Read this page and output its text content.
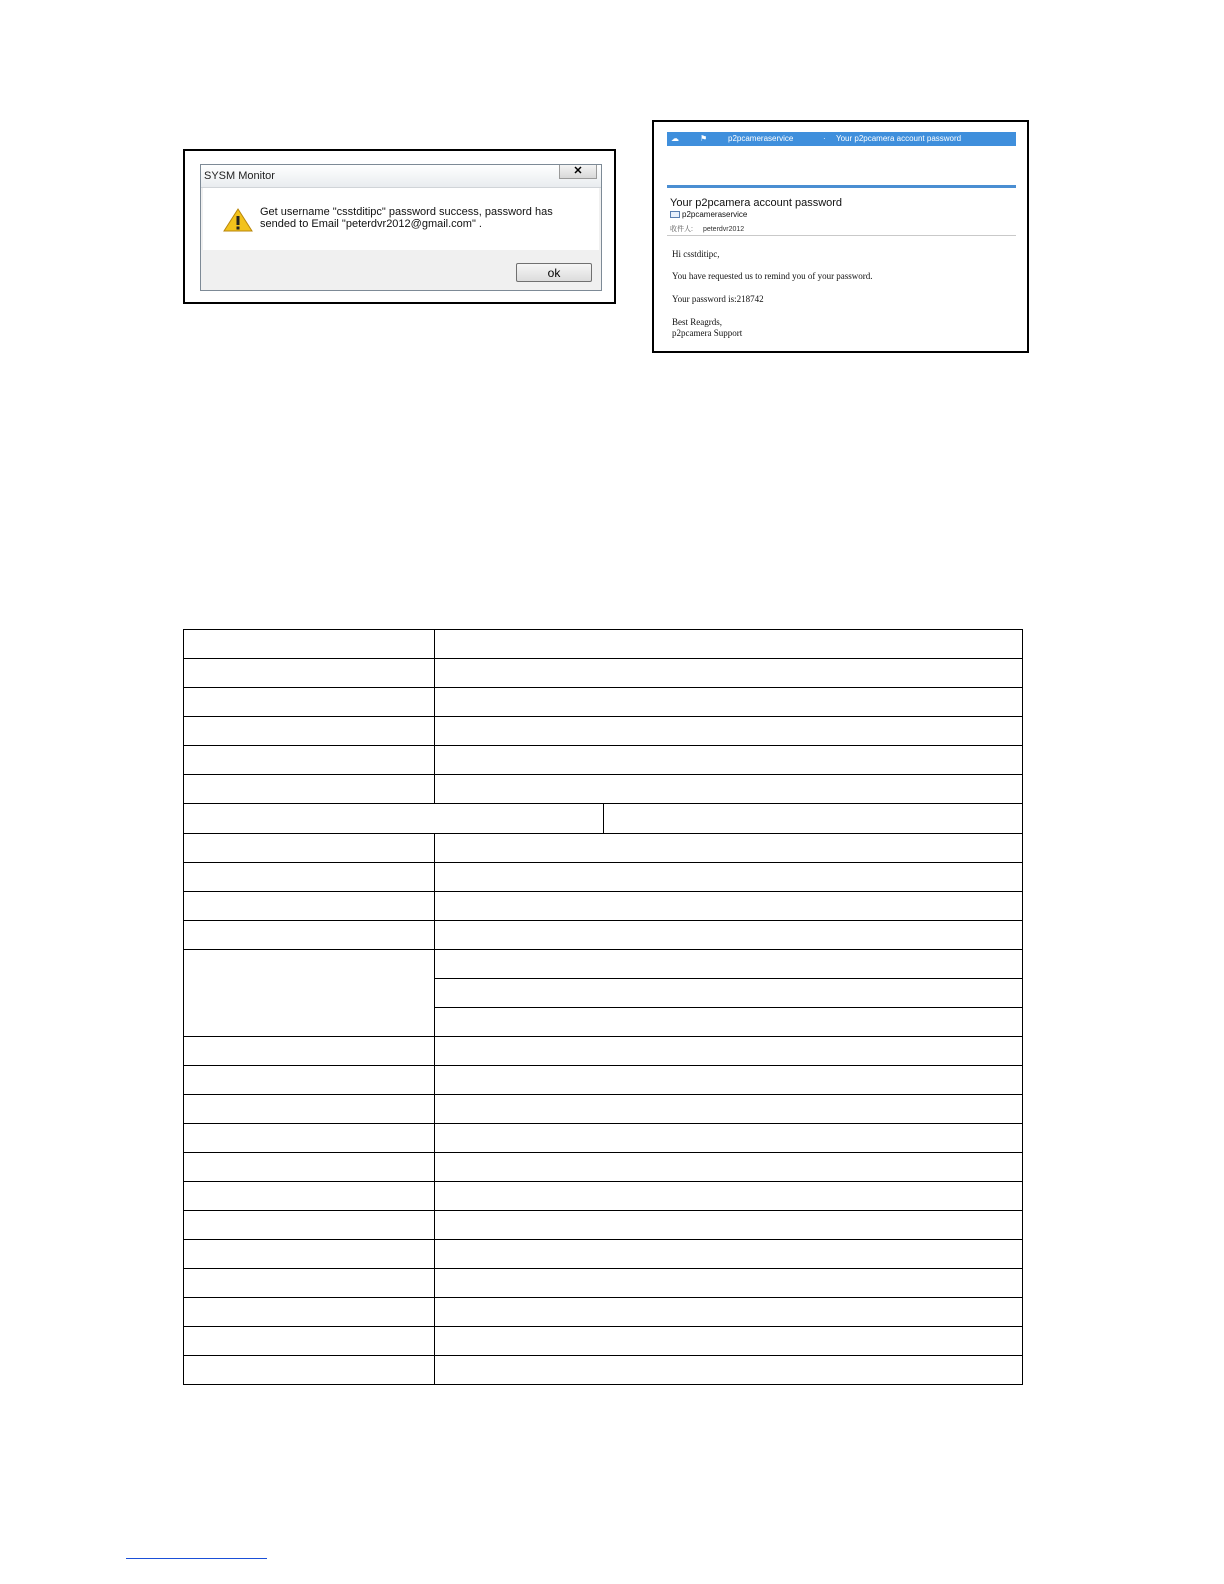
SYSM Monitor	✕
Get username "csstditipc" password success, password has sended to Email "peterdvr2012@gmail.com" .
ok
☁	⚑	p2pcameraservice	· Your p2pcamera account password
Your p2pcamera account password
p2pcameraservice
收件人: peterdvr2012
Hi csstditipc,
You have requested us to remind you of your password.
Your password is:218742
Best Reagrds,
p2pcamera Support
